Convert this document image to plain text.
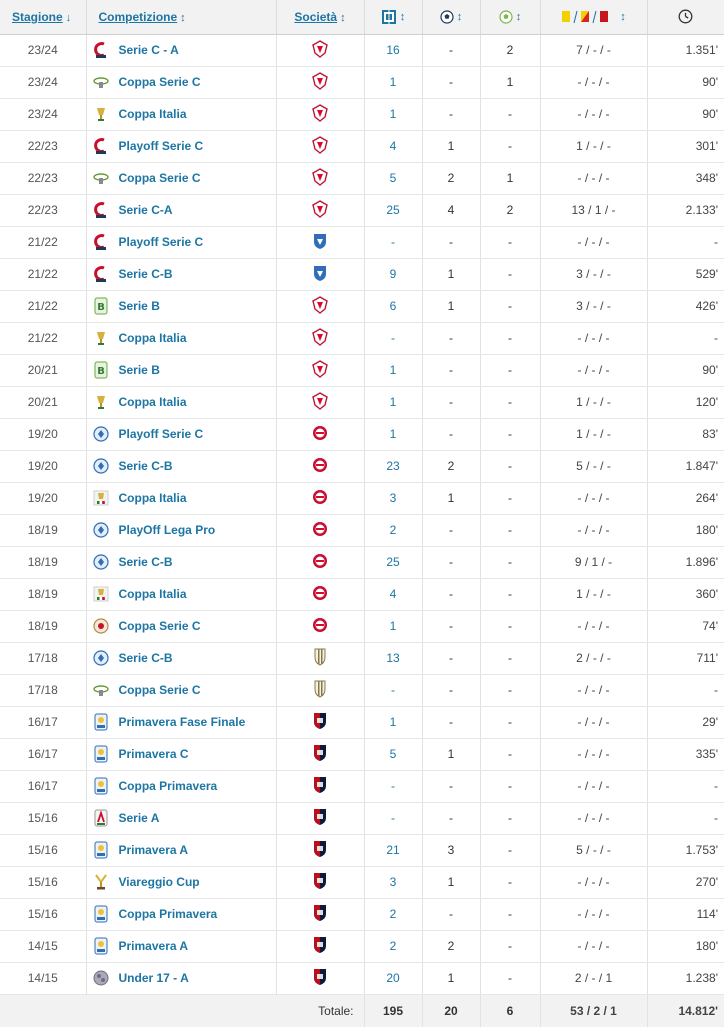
Stagione ↓	Competizione ↕	Società ↕	↕	↕	↕	↕	
23/24	Serie C - A		16	-	2	7 / - / -	1.351'
23/24	Coppa Serie C		1	-	1	- / - / -	90'
23/24	Coppa Italia		1	-	-	- / - / -	90'
22/23	Playoff Serie C		4	1	-	1 / - / -	301'
22/23	Coppa Serie C		5	2	1	- / - / -	348'
22/23	Serie C-A		25	4	2	13 / 1 / -	2.133'
21/22	Playoff Serie C		-	-	-	- / - / -	-
21/22	Serie C-B		9	1	-	3 / - / -	529'
21/22	B Serie B		6	1	-	3 / - / -	426'
21/22	Coppa Italia		-	-	-	- / - / -	-
20/21	B Serie B		1	-	-	- / - / -	90'
20/21	Coppa Italia		1	-	-	1 / - / -	120'
19/20	Playoff Serie C		1	-	-	1 / - / -	83'
19/20	Serie C-B		23	2	-	5 / - / -	1.847'
19/20	Coppa Italia		3	1	-	- / - / -	264'
18/19	PlayOff Lega Pro		2	-	-	- / - / -	180'
18/19	Serie C-B		25	-	-	9 / 1 / -	1.896'
18/19	Coppa Italia		4	-	-	1 / - / -	360'
18/19	Coppa Serie C		1	-	-	- / - / -	74'
17/18	Serie C-B		13	-	-	2 / - / -	711'
17/18	Coppa Serie C		-	-	-	- / - / -	-
16/17	Primavera Fase Finale		1	-	-	- / - / -	29'
16/17	Primavera C		5	1	-	- / - / -	335'
16/17	Coppa Primavera		-	-	-	- / - / -	-
15/16	Serie A		-	-	-	- / - / -	-
15/16	Primavera A		21	3	-	5 / - / -	1.753'
15/16	Viareggio Cup		3	1	-	- / - / -	270'
15/16	Coppa Primavera		2	-	-	- / - / -	114'
14/15	Primavera A		2	2	-	- / - / -	180'
14/15	Under 17 - A		20	1	-	2 / - / 1	1.238'
Totale:			195	20	6	53 / 2 / 1	14.812'
